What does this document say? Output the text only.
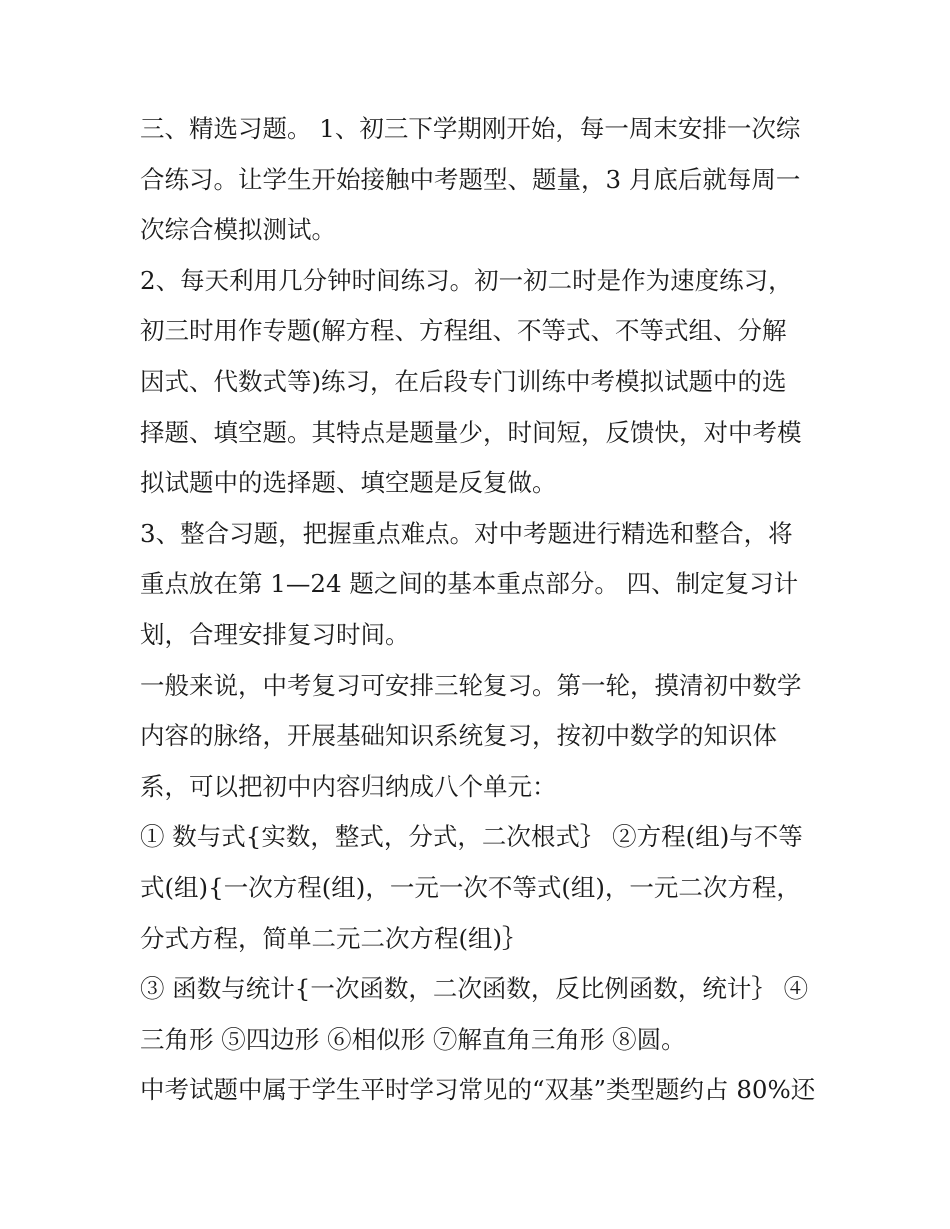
三、精选习题。 1、初三下学期刚开始，每一周末安排一次综
合练习。让学生开始接触中考题型、题量，3 月底后就每周一
次综合模拟测试。

2、每天利用几分钟时间练习。初一初二时是作为速度练习，
初三时用作专题(解方程、方程组、不等式、不等式组、分解
因式、代数式等)练习，在后段专门训练中考模拟试题中的选
择题、填空题。其特点是题量少，时间短，反馈快，对中考模
拟试题中的选择题、填空题是反复做。

3、整合习题，把握重点难点。对中考题进行精选和整合，将
重点放在第 1—24 题之间的基本重点部分。 四、制定复习计
划，合理安排复习时间。

一般来说，中考复习可安排三轮复习。第一轮，摸清初中数学
内容的脉络，开展基础知识系统复习，按初中数学的知识体
系，可以把初中内容归纳成八个单元：

① 数与式{实数，整式，分式，二次根式｝ ②方程(组)与不等
式(组){一次方程(组)，一元一次不等式(组)，一元二次方程，
分式方程，简单二元二次方程(组)｝

③ 函数与统计{一次函数，二次函数，反比例函数，统计｝ ④
三角形 ⑤四边形 ⑥相似形 ⑦解直角三角形 ⑧圆。

中考试题中属于学生平时学习常见的“双基”类型题约占 80%还
